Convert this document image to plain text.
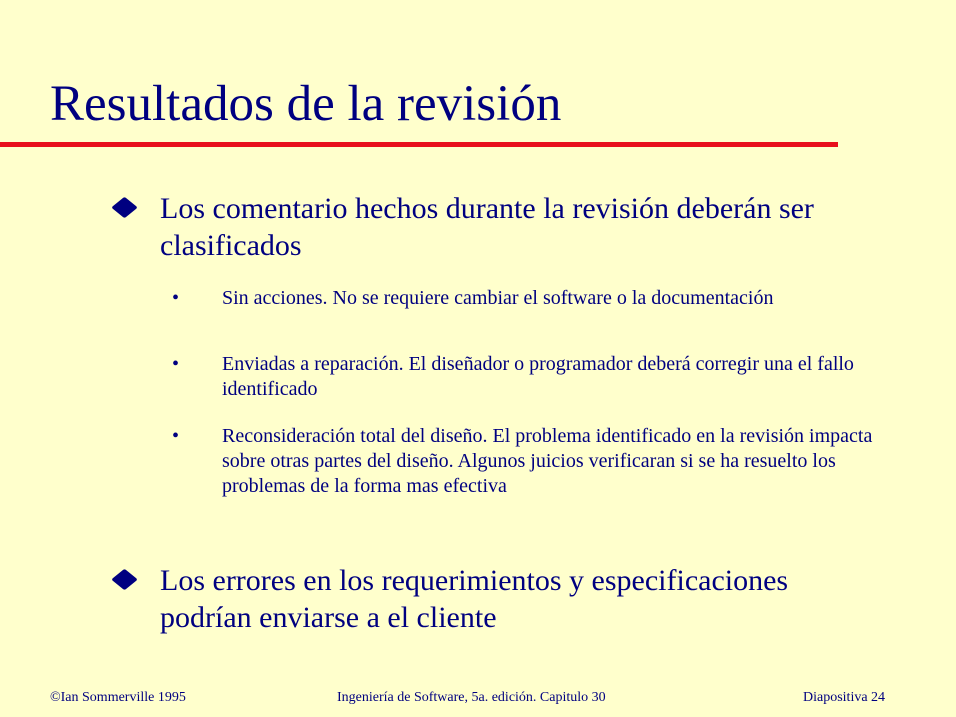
Resultados de la revisión
Los comentario hechos durante la revisión deberán ser clasificados
• Sin acciones. No se requiere cambiar el software o la documentación
• Enviadas a reparación. El diseñador o programador deberá corregir una el fallo identificado
• Reconsideración total del diseño. El problema identificado en la revisión impacta sobre otras partes del diseño. Algunos juicios verificaran si se ha resuelto los problemas de la forma mas efectiva
Los errores en los requerimientos y especificaciones podrían enviarse a el cliente
©Ian Sommerville 1995	Ingeniería de Software, 5a. edición. Capitulo 30	Diapositiva 24
